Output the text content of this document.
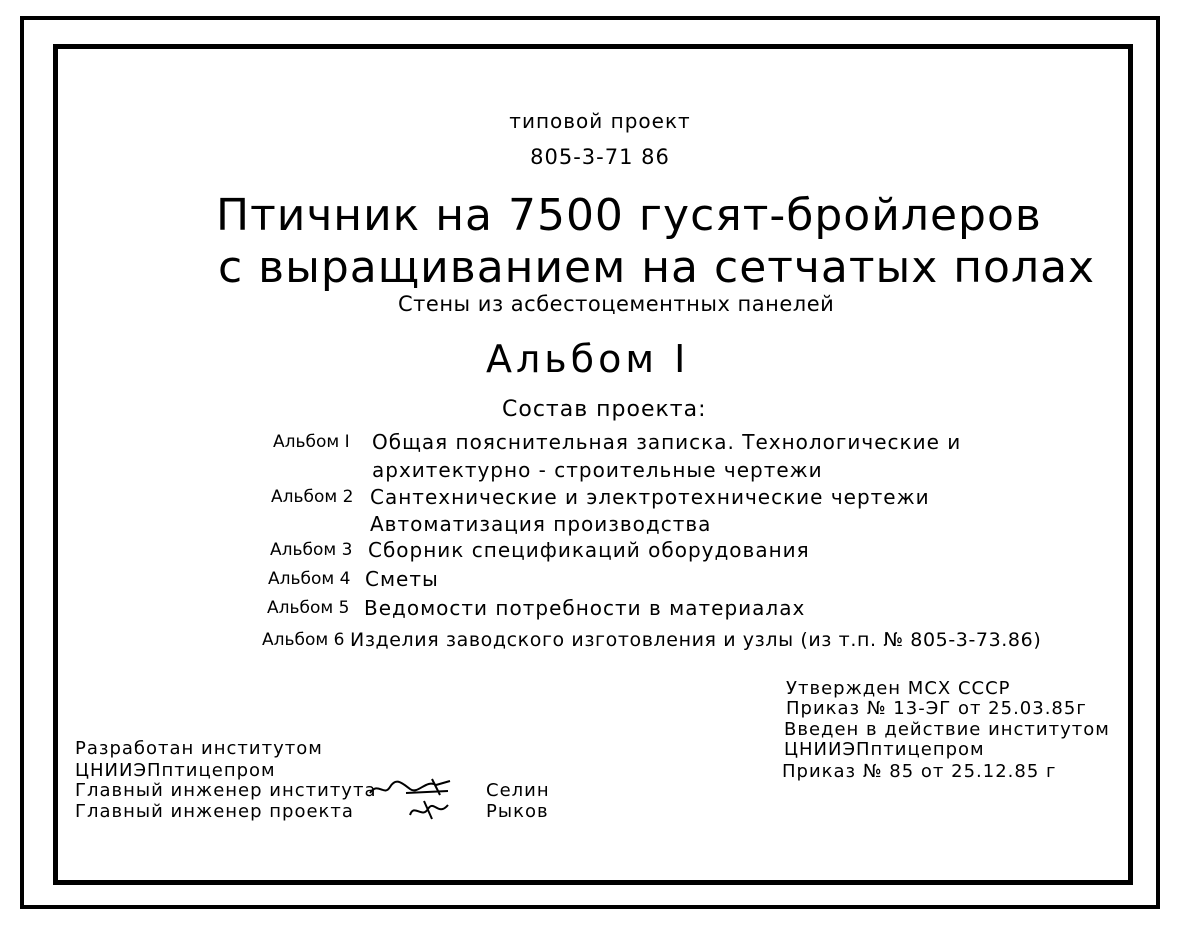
типовой проект
805-3-71 86
Птичник на 7500 гусят-бройлеров
с выращиванием на сетчатых полах
Стены из асбестоцементных панелей
Альбом I
Состав проекта:
Альбом I Общая пояснительная записка. Технологические и
архитектурно - строительные чертежи
Альбом 2 Сантехнические и электротехнические чертежи
Автоматизация производства
Альбом 3 Сборник спецификаций оборудования
Альбом 4 Сметы
Альбом 5 Ведомости потребности в материалах
Альбом 6 Изделия заводского изготовления и узлы (из т.п. № 805-3-73.86)
Разработан институтом
ЦНИИЭПптицепром
Главный инженер института	Селин
Главный инженер проекта	Рыков
Утвержден МСХ СССР
Приказ № 13-ЭГ от 25.03.85г
Введен в действие институтом
ЦНИИЭПптицепром
Приказ № 85 от 25.12.85 г
